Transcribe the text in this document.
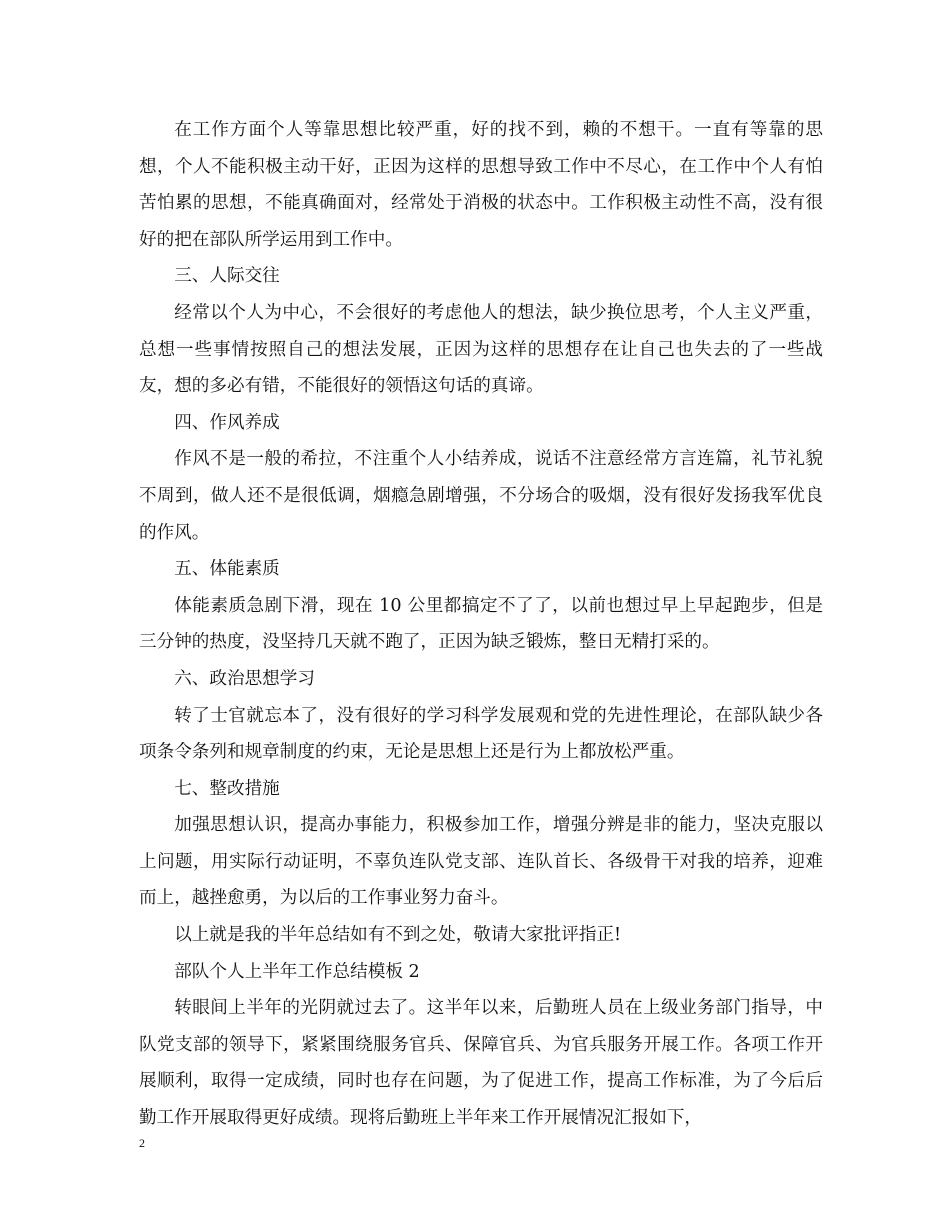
在工作方面个人等靠思想比较严重，好的找不到，赖的不想干。一直有等靠的思想，个人不能积极主动干好，正因为这样的思想导致工作中不尽心，在工作中个人有怕苦怕累的思想，不能真确面对，经常处于消极的状态中。工作积极主动性不高，没有很好的把在部队所学运用到工作中。

三、人际交往

经常以个人为中心，不会很好的考虑他人的想法，缺少换位思考，个人主义严重，总想一些事情按照自己的想法发展，正因为这样的思想存在让自己也失去的了一些战友，想的多必有错，不能很好的领悟这句话的真谛。

四、作风养成

作风不是一般的希拉，不注重个人小结养成，说话不注意经常方言连篇，礼节礼貌不周到，做人还不是很低调，烟瘾急剧增强，不分场合的吸烟，没有很好发扬我军优良的作风。

五、体能素质

体能素质急剧下滑，现在 10 公里都搞定不了了，以前也想过早上早起跑步，但是三分钟的热度，没坚持几天就不跑了，正因为缺乏锻炼，整日无精打采的。

六、政治思想学习

转了士官就忘本了，没有很好的学习科学发展观和党的先进性理论，在部队缺少各项条令条列和规章制度的约束，无论是思想上还是行为上都放松严重。

七、整改措施

加强思想认识，提高办事能力，积极参加工作，增强分辨是非的能力，坚决克服以上问题，用实际行动证明，不辜负连队党支部、连队首长、各级骨干对我的培养，迎难而上，越挫愈勇，为以后的工作事业努力奋斗。

以上就是我的半年总结如有不到之处，敬请大家批评指正!

部队个人上半年工作总结模板 2

转眼间上半年的光阴就过去了。这半年以来，后勤班人员在上级业务部门指导，中队党支部的领导下，紧紧围绕服务官兵、保障官兵、为官兵服务开展工作。各项工作开展顺利，取得一定成绩，同时也存在问题，为了促进工作，提高工作标准，为了今后后勤工作开展取得更好成绩。现将后勤班上半年来工作开展情况汇报如下，

2
